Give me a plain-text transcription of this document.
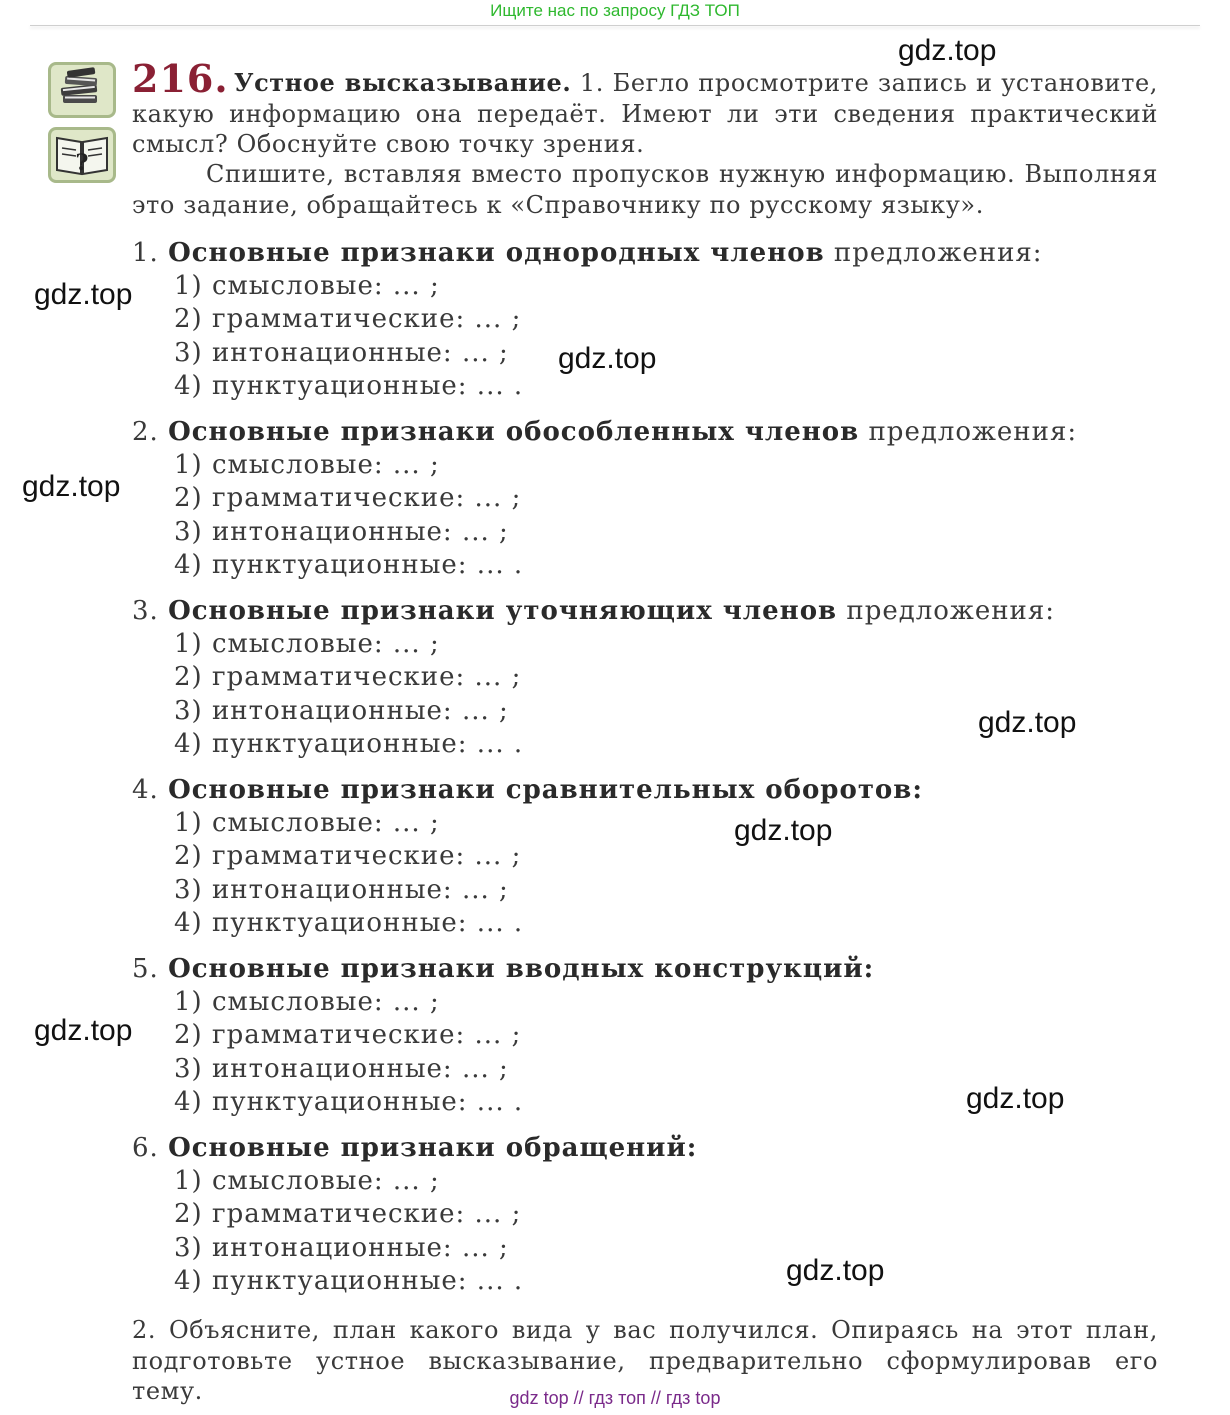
Ищите нас по запросу ГДЗ ТОП
?
216. Устное высказывание. 1. Бегло просмотрите запись и установите, какую информацию она передаёт. Имеют ли эти сведения практический смысл? Обоснуйте свою точку зрения.

Спишите, вставляя вместо пропусков нужную информацию. Выполняя это задание, обращайтесь к «Справочнику по русскому языку».

1. Основные признаки однородных членов предложения:
1) смысловые: ... ;
2) грамматические: ... ;
3) интонационные: ... ;
4) пунктуационные: ... .
2. Основные признаки обособленных членов предложения:
1) смысловые: ... ;
2) грамматические: ... ;
3) интонационные: ... ;
4) пунктуационные: ... .
3. Основные признаки уточняющих членов предложения:
1) смысловые: ... ;
2) грамматические: ... ;
3) интонационные: ... ;
4) пунктуационные: ... .
4. Основные признаки сравнительных оборотов:
1) смысловые: ... ;
2) грамматические: ... ;
3) интонационные: ... ;
4) пунктуационные: ... .
5. Основные признаки вводных конструкций:
1) смысловые: ... ;
2) грамматические: ... ;
3) интонационные: ... ;
4) пунктуационные: ... .
6. Основные признаки обращений:
1) смысловые: ... ;
2) грамматические: ... ;
3) интонационные: ... ;
4) пунктуационные: ... .

2. Объясните, план какого вида у вас получился. Опираясь на этот план, подготовьте устное высказывание, предварительно сформулировав его тему.

gdz.top
gdz.top
gdz.top
gdz.top
gdz.top
gdz.top
gdz.top
gdz.top
gdz.top
gdz top // гдз топ // гдз top
